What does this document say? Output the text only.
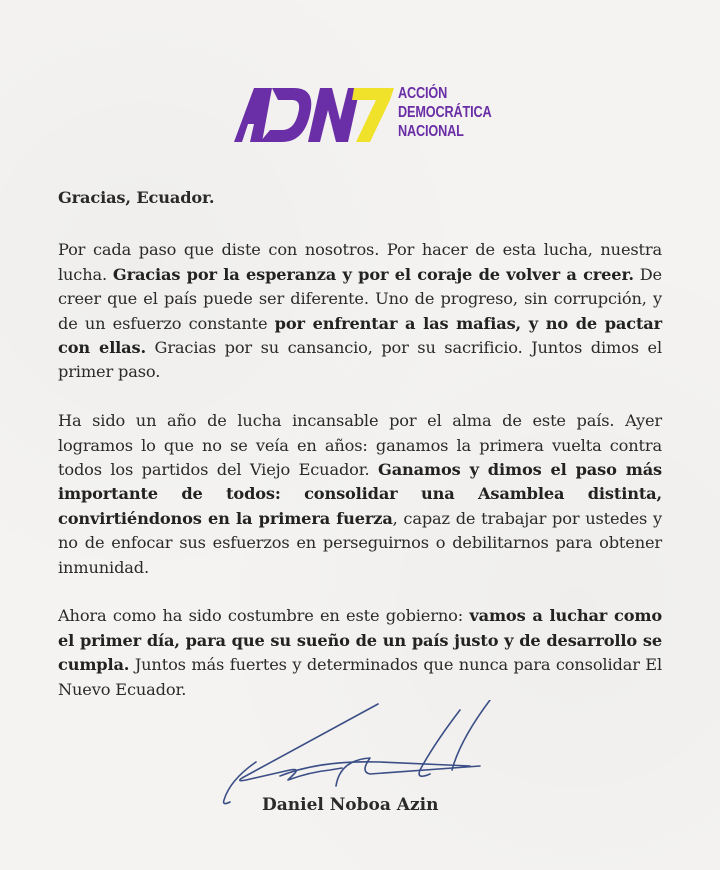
ACCIÓN
DEMOCRÁTICA
NACIONAL

Gracias, Ecuador.

Por cada paso que diste con nosotros. Por hacer de esta lucha, nuestra lucha. Gracias por la esperanza y por el coraje de volver a creer. De creer que el país puede ser diferente. Uno de progreso, sin corrupción, y de un esfuerzo constante por enfrentar a las mafias, y no de pactar con ellas. Gracias por su cansancio, por su sacrificio. Juntos dimos el primer paso.

Ha sido un año de lucha incansable por el alma de este país. Ayer logramos lo que no se veía en años: ganamos la primera vuelta contra todos los partidos del Viejo Ecuador. Ganamos y dimos el paso más importante de todos: consolidar una Asamblea distinta, convirtiéndonos en la primera fuerza, capaz de trabajar por ustedes y no de enfocar sus esfuerzos en perseguirnos o debilitarnos para obtener inmunidad.

Ahora como ha sido costumbre en este gobierno: vamos a luchar como el primer día, para que su sueño de un país justo y de desarrollo se cumpla. Juntos más fuertes y determinados que nunca para consolidar El Nuevo Ecuador.

Daniel Noboa Azin
